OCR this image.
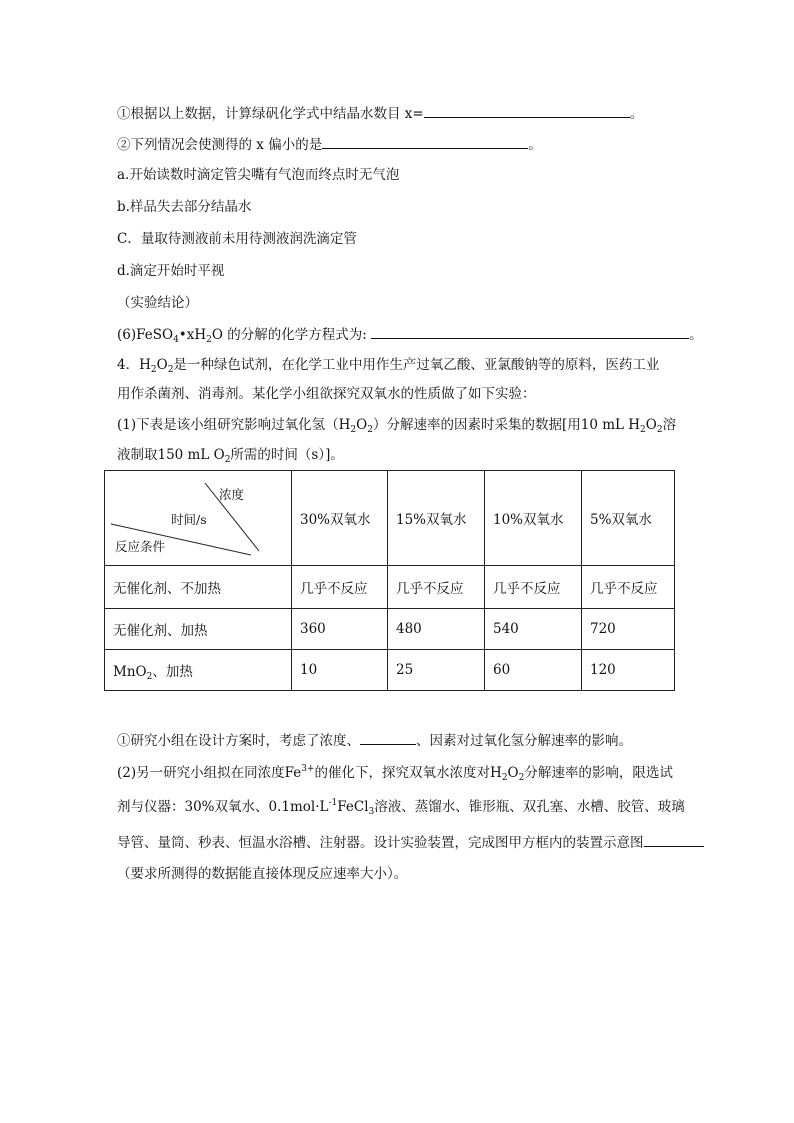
①根据以上数据，计算绿矾化学式中结晶水数目 x=	。
②下列情况会使测得的 x 偏小的是	。
a.开始读数时滴定管尖嘴有气泡而终点时无气泡
b.样品失去部分结晶水
C．量取待测液前未用待测液润洗滴定管
d.滴定开始时平视
（实验结论）
$(6)FeSO_4•xH_2O$ 的分解的化学方程式为:	。
4．$H_2O_2$是一种绿色试剂，在化学工业中用作生产过氧乙酸、亚氯酸钠等的原料，医药工业
用作杀菌剂、消毒剂。某化学小组欲探究双氧水的性质做了如下实验：
(1)下表是该小组研究影响过氧化氢$(H_2O_2)$分解速率的因素时采集的数据[用10 mL $H_2O_2$溶
液制取150 mL $O_2$所需的时间（s）]。
浓度
时间/s
反应条件	30%双氧水	15%双氧水	10%双氧水	5%双氧水
无催化剂、不加热	几乎不反应	几乎不反应	几乎不反应	几乎不反应
无催化剂、加热	360	480	540	720
MnO$_2$、加热	10	25	60	120
①研究小组在设计方案时，考虑了浓度、	、因素对过氧化氢分解速率的影响。
(2)另一研究小组拟在同浓度$Fe^{3+}$的催化下，探究双氧水浓度对$H_2O_2$分解速率的影响，限选试
剂与仪器：30%双氧水、$0.1mol\cdot L^{-1}FeCl_3$溶液、蒸馏水、锥形瓶、双孔塞、水槽、胶管、玻璃
导管、量筒、秒表、恒温水浴槽、注射器。设计实验装置，完成图甲方框内的装置示意图
（要求所测得的数据能直接体现反应速率大小）。
